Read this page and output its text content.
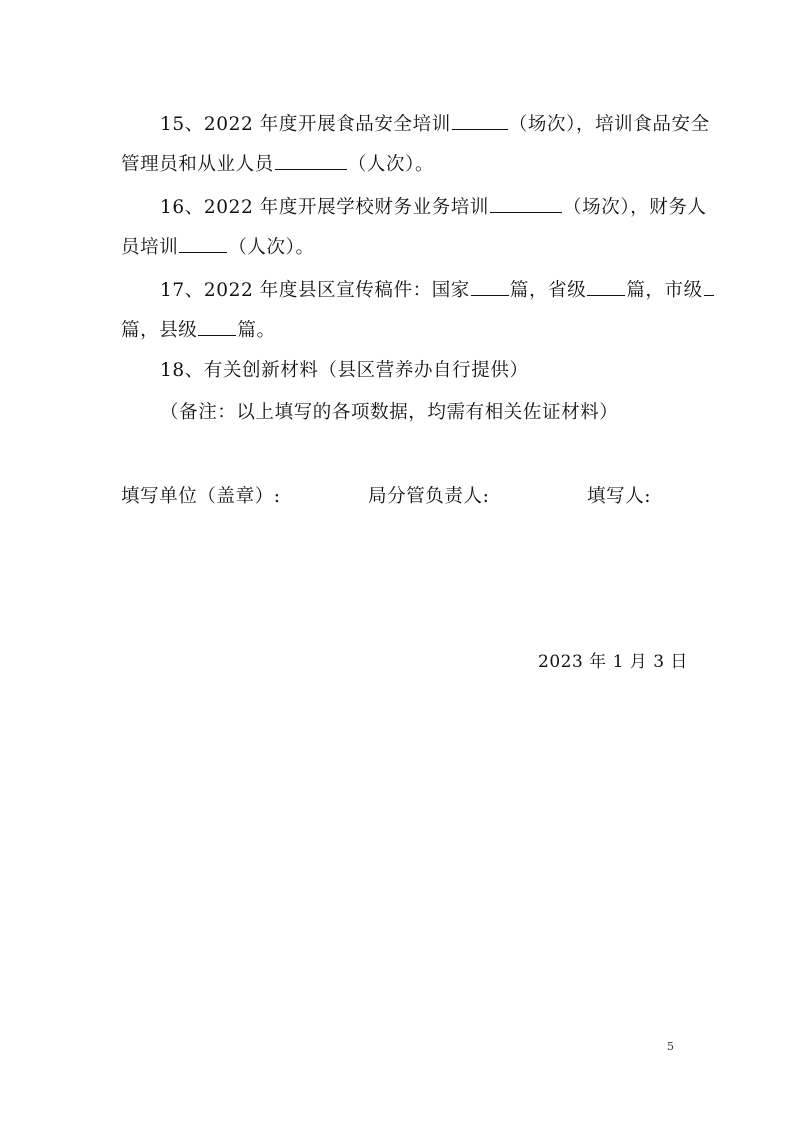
15、2022 年度开展食品安全培训	（场次），培训食品安全
管理员和从业人员	（人次）。
16、2022 年度开展学校财务业务培训	（场次），财务人
员培训	（人次）。
17、2022 年度县区宣传稿件：国家 篇，省级 篇，市级
篇，县级 篇。
18、有关创新材料（县区营养办自行提供）
（备注：以上填写的各项数据，均需有相关佐证材料）
填写单位（盖章）:	局分管负责人:	填写人:
2023 年 1 月 3 日
5
